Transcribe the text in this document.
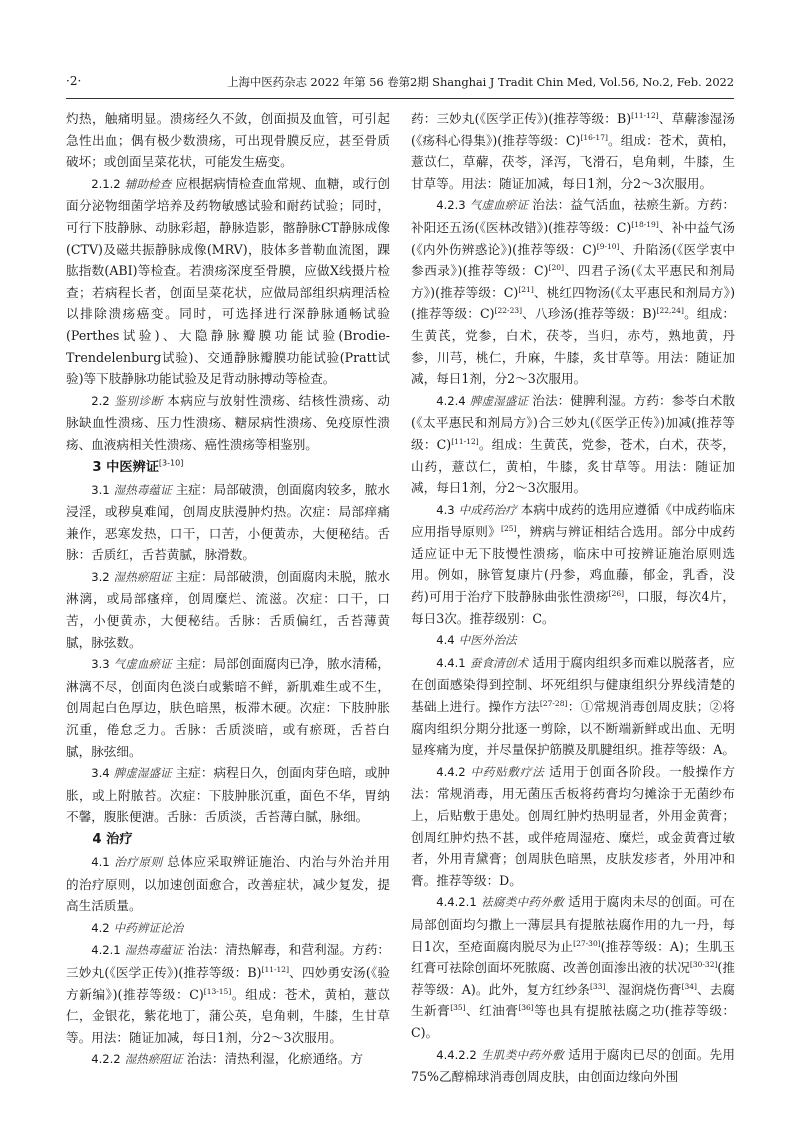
·2·	上海中医药杂志 2022 年第 56 卷第2期 Shanghai J Tradit Chin Med, Vol.56, No.2, Feb. 2022

灼热，触痛明显。溃疡经久不敛，创面损及血管，可引起急性出血；偶有极少数溃疡，可出现骨膜反应，甚至骨质破坏；或创面呈菜花状，可能发生癌变。

2.1.2 辅助检查 应根据病情检查血常规、血糖，或行创面分泌物细菌学培养及药物敏感试验和耐药试验；同时，可行下肢静脉、动脉彩超，静脉造影，髂静脉CT静脉成像(CTV)及磁共振静脉成像(MRV)，肢体多普勒血流图，踝肱指数(ABI)等检查。若溃疡深度至骨膜，应做X线摄片检查；若病程长者，创面呈菜花状，应做局部组织病理活检以排除溃疡癌变。同时，可选择进行深静脉通畅试验(Perthes试验)、大隐静脉瓣膜功能试验(Brodie-Trendelenburg试验)、交通静脉瓣膜功能试验(Pratt试验)等下肢静脉功能试验及足背动脉搏动等检查。

2.2 鉴别诊断 本病应与放射性溃疡、结核性溃疡、动脉缺血性溃疡、压力性溃疡、糖尿病性溃疡、免疫原性溃疡、血液病相关性溃疡、癌性溃疡等相鉴别。

3 中医辨证[3-10]

3.1 湿热毒蕴证 主症：局部破溃，创面腐肉较多，脓水浸淫，或秽臭难闻，创周皮肤漫肿灼热。次症：局部痒痛兼作，恶寒发热，口干，口苦，小便黄赤，大便秘结。舌脉：舌质红，舌苔黄腻，脉滑数。

3.2 湿热瘀阻证 主症：局部破溃，创面腐肉未脱，脓水淋漓，或局部瘙痒，创周糜烂、流滋。次症：口干，口苦，小便黄赤，大便秘结。舌脉：舌质偏红，舌苔薄黄腻，脉弦数。

3.3 气虚血瘀证 主症：局部创面腐肉已净，脓水清稀，淋漓不尽，创面肉色淡白或紫暗不鲜，新肌难生或不生，创周起白色厚边，肤色暗黑，板滞木硬。次症：下肢肿胀沉重，倦怠乏力。舌脉：舌质淡暗，或有瘀斑，舌苔白腻，脉弦细。

3.4 脾虚湿盛证 主症：病程日久，创面肉芽色暗，或肿胀，或上附脓苔。次症：下肢肿胀沉重，面色不华，胃纳不馨，腹胀便溏。舌脉：舌质淡，舌苔薄白腻，脉细。

4 治疗

4.1 治疗原则 总体应采取辨证施治、内治与外治并用的治疗原则，以加速创面愈合，改善症状，减少复发，提高生活质量。

4.2 中药辨证论治

4.2.1 湿热毒蕴证 治法：清热解毒，和营利湿。方药：三妙丸(《医学正传》)(推荐等级：B)[11-12]、四妙勇安汤(《验方新编》)(推荐等级：C)[13-15]。组成：苍术，黄柏，薏苡仁，金银花，紫花地丁，蒲公英，皂角刺，牛膝，生甘草等。用法：随证加减，每日1剂，分2～3次服用。

4.2.2 湿热瘀阻证 治法：清热利湿，化瘀通络。方

药：三妙丸(《医学正传》)(推荐等级：B)[11-12]、草薢渗湿汤(《疡科心得集》)(推荐等级：C)[16-17]。组成：苍术，黄柏，薏苡仁，草薢，茯苓，泽泻，飞滑石，皂角刺，牛膝，生甘草等。用法：随证加减，每日1剂，分2～3次服用。

4.2.3 气虚血瘀证 治法：益气活血，祛瘀生新。方药：补阳还五汤(《医林改错》)(推荐等级：C)[18-19]、补中益气汤(《内外伤辨惑论》)(推荐等级：C)[9-10]、升陷汤(《医学衷中参西录》)(推荐等级：C)[20]、四君子汤(《太平惠民和剂局方》)(推荐等级：C)[21]、桃红四物汤(《太平惠民和剂局方》)(推荐等级：C)[22-23]、八珍汤(推荐等级：B)[22,24]。组成：生黄芪，党参，白术，茯苓，当归，赤芍，熟地黄，丹参，川芎，桃仁，升麻，牛膝，炙甘草等。用法：随证加减，每日1剂，分2～3次服用。

4.2.4 脾虚湿盛证 治法：健脾利湿。方药：参苓白术散(《太平惠民和剂局方》)合三妙丸(《医学正传》)加减(推荐等级：C)[11-12]。组成：生黄芪，党参，苍术，白术，茯苓，山药，薏苡仁，黄柏，牛膝，炙甘草等。用法：随证加减，每日1剂，分2～3次服用。

4.3 中成药治疗 本病中成药的选用应遵循《中成药临床应用指导原则》[25]，辨病与辨证相结合选用。部分中成药适应证中无下肢慢性溃疡，临床中可按辨证施治原则选用。例如，脉管复康片(丹参，鸡血藤，郁金，乳香，没药)可用于治疗下肢静脉曲张性溃疡[26]，口服，每次4片，每日3次。推荐级别：C。

4.4 中医外治法

4.4.1 蚕食清创术 适用于腐肉组织多而难以脱落者，应在创面感染得到控制、坏死组织与健康组织分界线清楚的基础上进行。操作方法[27-28]：①常规消毒创周皮肤；②将腐肉组织分期分批逐一剪除，以不断端新鲜或出血、无明显疼痛为度，并尽量保护筋膜及肌腱组织。推荐等级：A。

4.4.2 中药贴敷疗法 适用于创面各阶段。一般操作方法：常规消毒，用无菌压舌板将药膏均匀摊涂于无菌纱布上，后贴敷于患处。创周红肿灼热明显者，外用金黄膏；创周红肿灼热不甚，或伴疮周湿疮、糜烂，或金黄膏过敏者，外用青黛膏；创周肤色暗黑，皮肤发疹者，外用冲和膏。推荐等级：D。

4.4.2.1 祛腐类中药外敷 适用于腐肉未尽的创面。可在局部创面均匀撒上一薄层具有提脓祛腐作用的九一丹，每日1次，至疮面腐肉脱尽为止[27-30](推荐等级：A)；生肌玉红膏可祛除创面坏死脓腐、改善创面渗出液的状况[30-32](推荐等级：A)。此外，复方红纱条[33]、湿润烧伤膏[34]、去腐生新膏[35]、红油膏[36]等也具有提脓祛腐之功(推荐等级：C)。

4.4.2.2 生肌类中药外敷 适用于腐肉已尽的创面。先用75%乙醇棉球消毒创周皮肤，由创面边缘向外围
